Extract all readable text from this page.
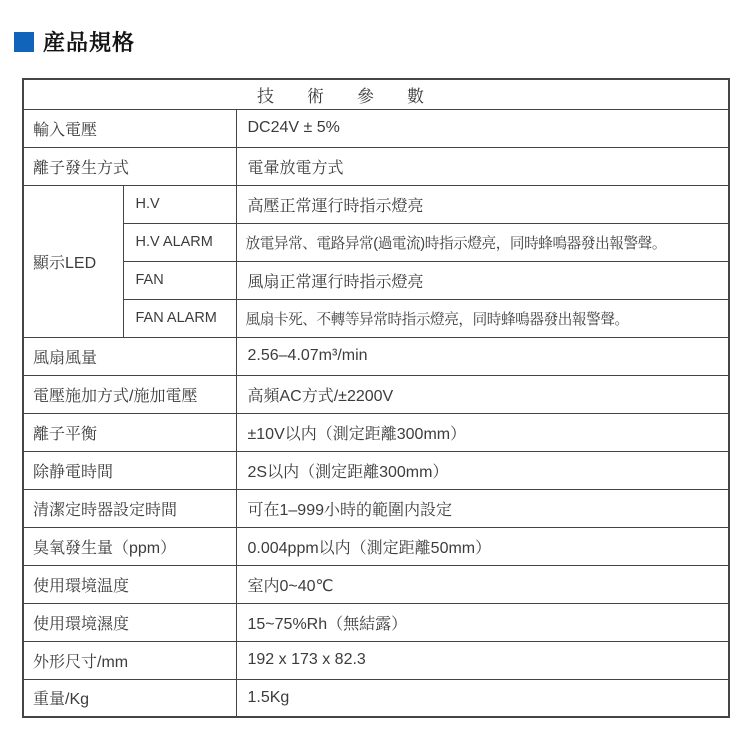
産品規格
技　術　參　數		
輸入電壓		DC24V ± 5%
離子發生方式		電暈放電方式
顯示LED	H.V	高壓正常運行時指示燈亮
	H.V ALARM	放電异常、電路异常(過電流)時指示燈亮，同時蜂鳴器發出報警聲。
	FAN	風扇正常運行時指示燈亮
	FAN ALARM	風扇卡死、不轉等异常時指示燈亮，同時蜂鳴器發出報警聲。
風扇風量		2.56–4.07m³/min
電壓施加方式/施加電壓		高頻AC方式/±2200V
離子平衡		±10V以内（測定距離300mm）
除静電時間		2S以内（測定距離300mm）
清潔定時器設定時間		可在1–999小時的範圍内設定
臭氧發生量（ppm）		0.004ppm以内（測定距離50mm）
使用環境温度		室内0~40℃
使用環境濕度		15~75%Rh（無結露）
外形尺寸/mm		192 x 173 x 82.3
重量/Kg		1.5Kg
